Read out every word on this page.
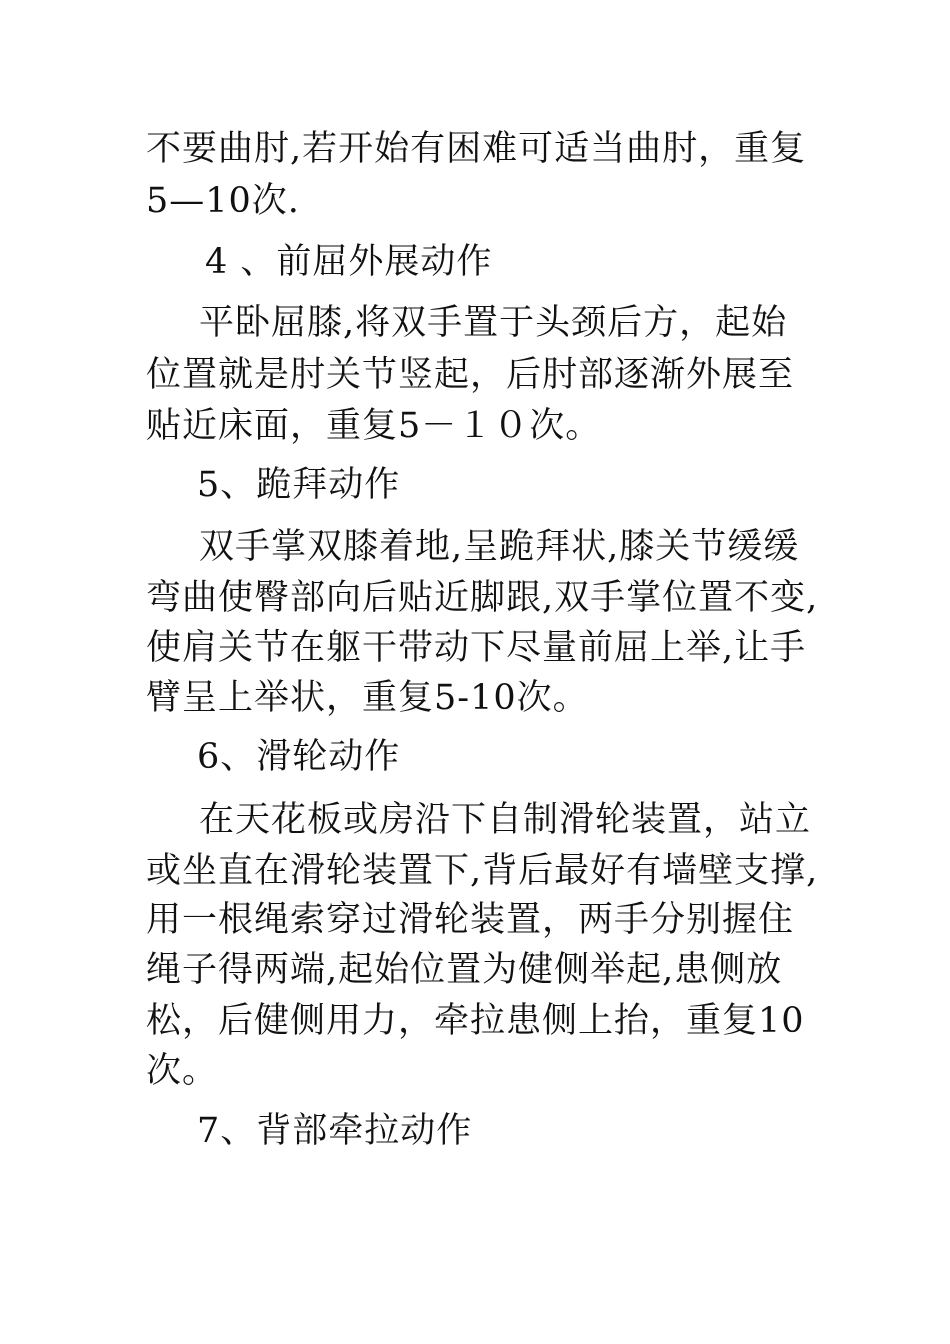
不要曲肘,若开始有困难可适当曲肘，重复
5—10次.
4 、前屈外展动作
平卧屈膝,将双手置于头颈后方，起始
位置就是肘关节竖起，后肘部逐渐外展至
贴近床面，重复5－１０次。
5、跪拜动作
双手掌双膝着地,呈跪拜状,膝关节缓缓
弯曲使臀部向后贴近脚跟,双手掌位置不变,
使肩关节在躯干带动下尽量前屈上举,让手
臂呈上举状，重复5-10次。
6、滑轮动作
在天花板或房沿下自制滑轮装置，站立
或坐直在滑轮装置下,背后最好有墙壁支撑,
用一根绳索穿过滑轮装置，两手分别握住
绳子得两端,起始位置为健侧举起,患侧放
松，后健侧用力，牵拉患侧上抬，重复10
次。
7、背部牵拉动作
